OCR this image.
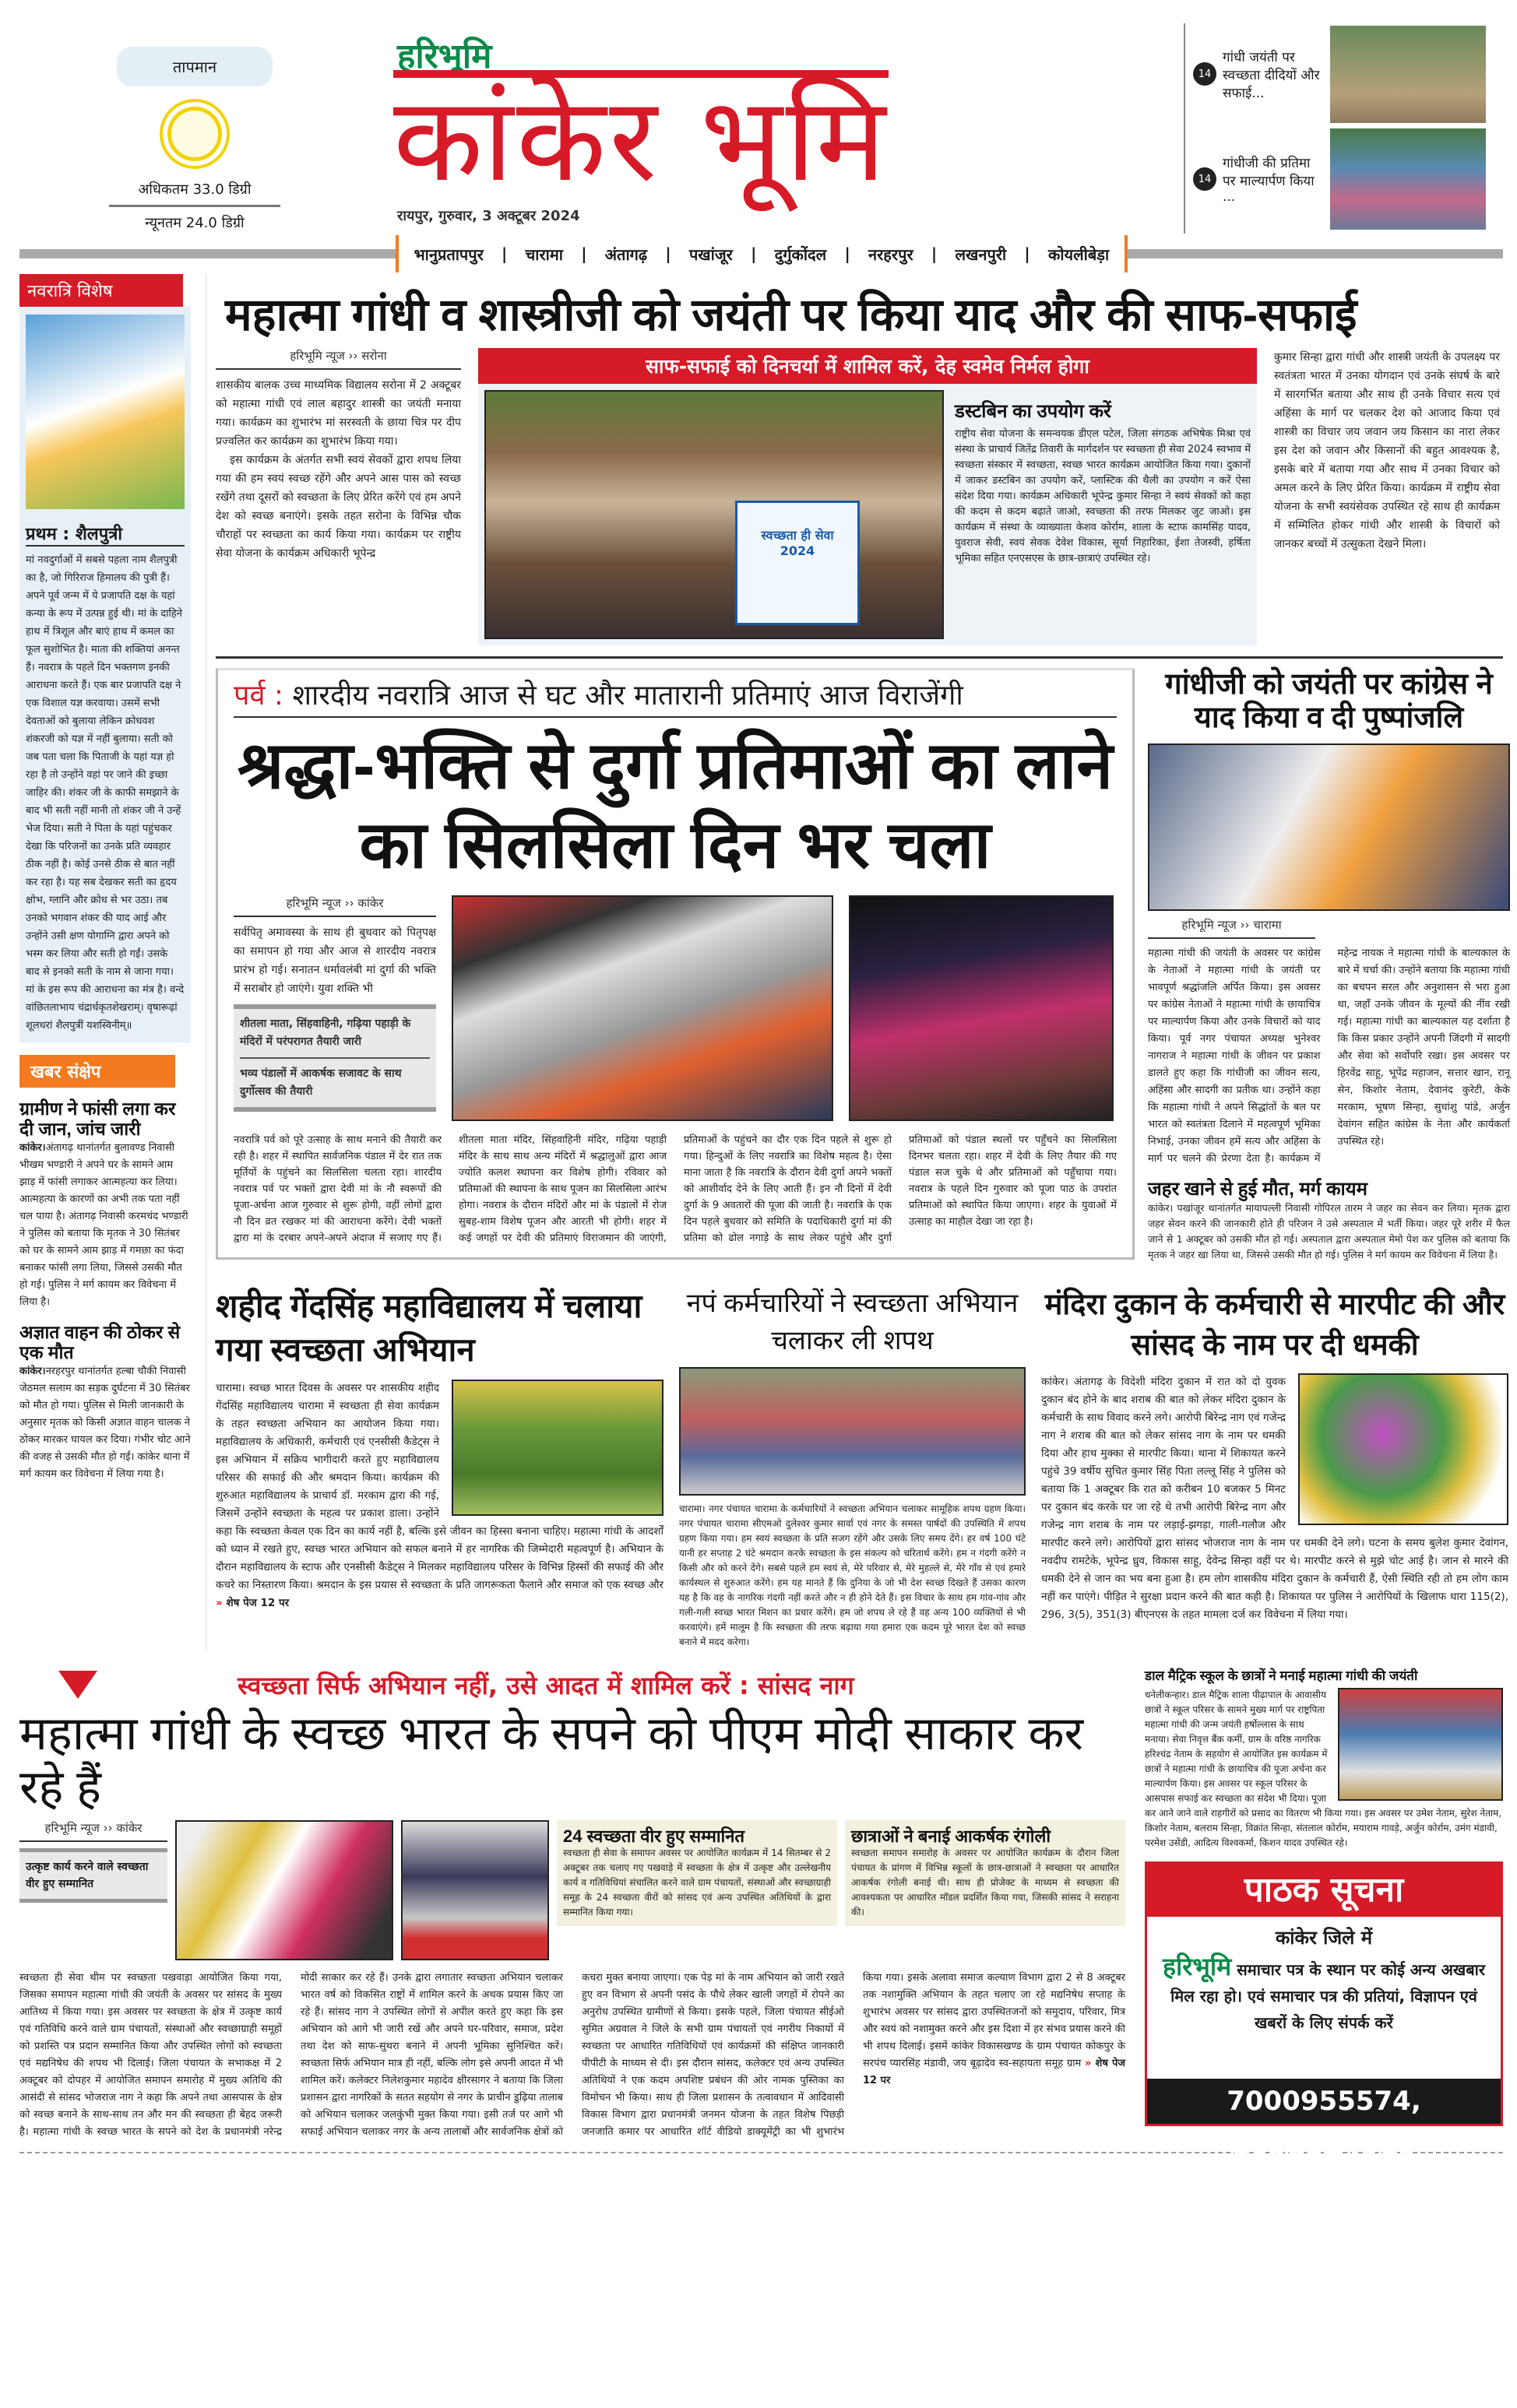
तापमान
अधिकतम 33.0 डिग्री
न्यूनतम 24.0 डिग्री
हरिभूमि
कांकेर भूमि
रायपुर, गुरुवार, 3 अक्टूबर 2024
14
गांधी जयंती पर स्वच्छता दीदियों और सफाई...
14
गांधीजी की प्रतिमा पर माल्यार्पण किया ...
भानुप्रतापपुर | चारामा | अंतागढ़ | पखांजूर | दुर्गुकोंदल | नरहरपुर | लखनपुरी | कोयलीबेड़ा
नवरात्रि विशेष
प्रथम : शैलपुत्री
मां नवदुर्गाओं में सबसे पहला नाम शैलपुत्री का है, जो गिरिराज हिमालय की पुत्री हैं। अपने पूर्व जन्म में ये प्रजापति दक्ष के यहां कन्या के रूप में उत्पन्न हुई थी। मां के दाहिने हाथ में त्रिशूल और बाएं हाथ में कमल का फूल सुशोभित है। माता की शक्तियां अनन्त हैं। नवरात्र के पहले दिन भक्तगण इनकी आराधना करते हैं। एक बार प्रजापति दक्ष ने एक विशाल यज्ञ करवाया। उसमें सभी देवताओं को बुलाया लेकिन क्रोधवश शंकरजी को यज्ञ में नहीं बुलाया। सती को जब पता चला कि पिताजी के यहां यज्ञ हो रहा है तो उन्होंने वहां पर जाने की इच्छा जाहिर की। शंकर जी के काफी समझाने के बाद भी सती नहीं मानी तो शंकर जी ने उन्हें भेज दिया। सती ने पिता के यहां पहुंचकर देखा कि परिजनों का उनके प्रति व्यवहार ठीक नहीं है। कोई उनसे ठीक से बात नहीं कर रहा है। यह सब देखकर सती का हृदय क्षोभ, ग्लानि और क्रोध से भर उठा। तब उनको भगवान शंकर की याद आई और उन्होंने उसी क्षण योगाग्नि द्वारा अपने को भस्म कर लिया और सती हो गईं। उसके बाद से इनको सती के नाम से जाना गया। मां के इस रूप की आराधना का मंत्र है। वन्दे वांछितलाभाय चंद्रार्धकृतशेखराम्। वृषारूढ़ां शूलधरां शैलपुत्रीं यशस्विनीम्॥
खबर संक्षेप
ग्रामीण ने फांसी लगा कर दी जान, जांच जारी
कांकेर।अंतागढ़ थानांतर्गत बुलावण्ड निवासी भीखम भण्डारी ने अपने घर के सामने आम झाड़ में फांसी लगाकर आत्महत्या कर लिया। आत्महत्या के कारणों का अभी तक पता नहीं चल पाया है। अंतागढ़ निवासी करमचंद भण्डारी ने पुलिस को बताया कि मृतक ने 30 सितंबर को घर के सामने आम झाड़ में गमछा का फंदा बनाकर फांसी लगा लिया, जिससे उसकी मौत हो गई। पुलिस ने मर्ग कायम कर विवेचना में लिया है।
अज्ञात वाहन की ठोकर से एक मौत
कांकेर।नरहरपुर थानांतर्गत हल्बा चौकी निवासी जेठमल सलाम का सड़क दुर्घटना में 30 सितंबर को मौत हो गया। पुलिस से मिली जानकारी के अनुसार मृतक को किसी अज्ञात वाहन चालक ने ठोकर मारकर घायल कर दिया। गंभीर चोट आने की वजह से उसकी मौत हो गई। कांकेर थाना में मर्ग कायम कर विवेचना में लिया गया है।
महात्मा गांधी व शास्त्रीजी को जयंती पर किया याद और की साफ-सफाई
हरिभूमि न्यूज ›› सरोना

शासकीय बालक उच्च माध्यमिक विद्यालय सरोना में 2 अक्टूबर को महात्मा गांधी एवं लाल बहादुर शास्त्री का जयंती मनाया गया। कार्यक्रम का शुभारंभ मां सरस्वती के छाया चित्र पर दीप प्रज्वलित कर कार्यक्रम का शुभारंभ किया गया।

इस कार्यक्रम के अंतर्गत सभी स्वयं सेवकों द्वारा शपथ लिया गया की हम स्वयं स्वच्छ रहेंगे और अपने आस पास को स्वच्छ रखेंगे तथा दूसरों को स्वच्छता के लिए प्रेरित करेंगे एवं हम अपने देश को स्वच्छ बनाएंगे। इसके तहत सरोना के विभिन्न चौक चौराहों पर स्वच्छता का कार्य किया गया। कार्यक्रम पर राष्ट्रीय सेवा योजना के कार्यक्रम अधिकारी भूपेन्द्र

साफ-सफाई को दिनचर्या में शामिल करें, देह स्वमेव निर्मल होगा
स्वच्छता ही सेवा 2024
डस्टबिन का उपयोग करें
राष्ट्रीय सेवा योजना के समन्वयक डीएल पटेल, जिला संगठक अभिषेक मिश्रा एवं संस्था के प्राचार्य जितेंद्र तिवारी के मार्गदर्शन पर स्वच्छता ही सेवा 2024 स्वभाव में स्वच्छता संस्कार में स्वच्छता, स्वच्छ भारत कार्यक्रम आयोजित किया गया। दुकानों में जाकर डस्टबिन का उपयोग करें, प्लास्टिक की थैली का उपयोग न करें ऐसा संदेश दिया गया। कार्यक्रम अधिकारी भूपेन्द्र कुमार सिन्हा ने स्वयं सेवकों को कहा की कदम से कदम बढ़ाते जाओ, स्वच्छता की तरफ मिलकर जुट जाओ। इस कार्यक्रम में संस्था के व्याख्याता केशव कोर्राम, शाला के स्टाफ कामसिंह यादव, युवराज सेवी, स्वयं सेवक देवेश विकास, सूर्या निहारिका, ईशा तेजस्वी, हर्षिता भूमिका सहित एनएसएस के छात्र-छात्राएं उपस्थित रहे।
कुमार सिन्हा द्वारा गांधी और शास्त्री जयंती के उपलक्ष्य पर स्वतंत्रता भारत में उनका योगदान एवं उनके संघर्ष के बारे में सारगर्भित बताया और साथ ही उनके विचार सत्य एवं अहिंसा के मार्ग पर चलकर देश को आजाद किया एवं शास्त्री का विचार जय जवान जय किसान का नारा लेकर इस देश को जवान और किसानों की बहुत आवश्यक है, इसके बारे में बताया गया और साथ में उनका विचार को अमल करने के लिए प्रेरित किया। कार्यक्रम में राष्ट्रीय सेवा योजना के सभी स्वयंसेवक उपस्थित रहे साथ ही कार्यक्रम में सम्मिलित होकर गांधी और शास्त्री के विचारों को जानकर बच्चों में उत्सुकता देखने मिला।
पर्व : शारदीय नवरात्रि आज से घट और मातारानी प्रतिमाएं आज विराजेंगी
श्रद्धा-भक्ति से दुर्गा प्रतिमाओं का लाने का सिलसिला दिन भर चला
हरिभूमि न्यूज ›› कांकेर
सर्वपितृ अमावस्या के साथ ही बुधवार को पितृपक्ष का समापन हो गया और आज से शारदीय नवरात्र प्रारंभ हो गई। सनातन धर्मावलंबी मां दुर्गा की भक्ति में सराबोर हो जाएंगे। युवा शक्ति भी

शीतला माता, सिंहवाहिनी, गढ़िया पहाड़ी के मंदिरों में परंपरागत तैयारी जारी

भव्य पंडालों में आकर्षक सजावट के साथ दुर्गोत्सव की तैयारी

नवरात्रि पर्व को पूरे उत्साह के साथ मनाने की तैयारी कर रही है। शहर में स्थापित सार्वजनिक पंडाल में देर रात तक मूर्तियों के पहुंचने का सिलसिला चलता रहा। शारदीय नवरात्र पर्व पर भक्तों द्वारा देवी मां के नौ स्वरूपों की पूजा-अर्चना आज गुरुवार से शुरू होगी, वहीं लोगों द्वारा नौ दिन व्रत रखकर मां की आराधना करेंगे। देवी भक्तों द्वारा मां के दरबार अपने-अपने अंदाज में सजाए गए हैं। शीतला माता मंदिर, सिंहवाहिनी मंदिर, गढ़िया पहाड़ी मंदिर के साथ साथ अन्य मंदिरों में श्रद्धालुओं द्वारा आज ज्योति कलश स्थापना कर विशेष होगी। रविवार को प्रतिमाओं की स्थापना के साथ पूजन का सिलसिला आरंभ होगा। नवरात्र के दौरान मंदिरों और मां के पंडालों में रोज सुबह-शाम विशेष पूजन और आरती भी होगी। शहर में कई जगहों पर देवी की प्रतिमाएं विराजमान की जाएंगी, प्रतिमाओं के पहुंचने का दौर एक दिन पहले से शुरू हो गया। हिन्दुओं के लिए नवरात्रि का विशेष महत्व है। ऐसा माना जाता है कि नवरात्रि के दौरान देवी दुर्गा अपने भक्तों को आशीर्वाद देने के लिए आती हैं। इन नौ दिनों में देवी दुर्गा के 9 अवतारों की पूजा की जाती है। नवरात्रि के एक दिन पहले बुधवार को समिति के पदाधिकारी दुर्गा मां की प्रतिमा को ढोल नगाड़े के साथ लेकर पहुंचे और दुर्गा प्रतिमाओं को पंडाल स्थलों पर पहुँचने का सिलसिला दिनभर चलता रहा। शहर में देवी के लिए तैयार की गए पंडाल सज चुके थे और प्रतिमाओं को पहुँचाया गया। नवरात्र के पहले दिन गुरुवार को पूजा पाठ के उपरांत प्रतिमाओं को स्थापित किया जाएगा। शहर के युवाओं में उत्साह का माहौल देखा जा रहा है।
गांधीजी को जयंती पर कांग्रेस ने याद किया व दी पुष्पांजलि
हरिभूमि न्यूज ›› चारामा
महात्मा गांधी की जयंती के अवसर पर कांग्रेस के नेताओं ने महात्मा गांधी के जयंती पर भावपूर्ण श्रद्धांजलि अर्पित किया। इस अवसर पर कांग्रेस नेताओं ने महात्मा गांधी के छायाचित्र पर माल्यार्पण किया और उनके विचारों को याद किया। पूर्व नगर पंचायत अध्यक्ष भुनेश्वर नागराज ने महात्मा गांधी के जीवन पर प्रकाश डालते हुए कहा कि गांधीजी का जीवन सत्य, अहिंसा और सादगी का प्रतीक था। उन्होंने कहा कि महात्मा गांधी ने अपने सिद्धांतों के बल पर भारत को स्वतंत्रता दिलाने में महत्वपूर्ण भूमिका निभाई, उनका जीवन हमें सत्य और अहिंसा के मार्ग पर चलने की प्रेरणा देता है। कार्यक्रम में महेन्द्र नायक ने महात्मा गांधी के बाल्यकाल के बारे में चर्चा की। उन्होंने बताया कि महात्मा गांधी का बचपन सरल और अनुशासन से भरा हुआ था, जहाँ उनके जीवन के मूल्यों की नींव रखी गई। महात्मा गांधी का बाल्यकाल यह दर्शाता है कि किस प्रकार उन्होंने अपनी जिंदगी में सादगी और सेवा को सर्वोपरि रखा। इस अवसर पर हिरवेंद्र साहू, भूपेंद्र महाजन, सत्तार खान, रानू सेन, किशोर नेताम, देवानंद कुरेटी, केके मरकाम, भूषण सिन्हा, सुधांशु पांडे, अर्जुन देवांगन सहित कांग्रेस के नेता और कार्यकर्ता उपस्थित रहे।
जहर खाने से हुई मौत, मर्ग कायम
कांकेर। पखांजूर थानांतर्गत मायापल्ली निवासी गोपिरल तारम ने जहर का सेवन कर लिया। मृतक द्वारा जहर सेवन करने की जानकारी होते ही परिजन ने उसे अस्पताल में भर्ती किया। जहर पूरे शरीर में फैल जाने से 1 अक्टूबर को उसकी मौत हो गई। अस्पताल द्वारा अस्पताल मेमो पेश कर पुलिस को बताया कि मृतक ने जहर खा लिया था, जिससे उसकी मौत हो गई। पुलिस ने मर्ग कायम कर विवेचना में लिया है।
शहीद गेंदसिंह महाविद्यालय में चलाया गया स्वच्छता अभियान
चारामा। स्वच्छ भारत दिवस के अवसर पर शासकीय शहीद गेंदसिंह महाविद्यालय चारामा में स्वच्छता ही सेवा कार्यक्रम के तहत स्वच्छता अभियान का आयोजन किया गया। महाविद्यालय के अधिकारी, कर्मचारी एवं एनसीसी कैडेट्स ने इस अभियान में सक्रिय भागीदारी करते हुए महाविद्यालय परिसर की सफाई की और श्रमदान किया। कार्यक्रम की शुरुआत महाविद्यालय के प्राचार्य डॉ. मरकाम द्वारा की गई, जिसमें उन्होंने स्वच्छता के महत्व पर प्रकाश डाला। उन्होंने कहा कि स्वच्छता केवल एक दिन का कार्य नहीं है, बल्कि इसे जीवन का हिस्सा बनाना चाहिए। महात्मा गांधी के आदर्शों को ध्यान में रखते हुए, स्वच्छ भारत अभियान को सफल बनाने में हर नागरिक की जिम्मेदारी महत्वपूर्ण है। अभियान के दौरान महाविद्यालय के स्टाफ और एनसीसी कैडेट्स ने मिलकर महाविद्यालय परिसर के विभिन्न हिस्सों की सफाई की और कचरे का निस्तारण किया। श्रमदान के इस प्रयास से स्वच्छता के प्रति जागरूकता फैलाने और समाज को एक स्वच्छ और » शेष पेज 12 पर
नपं कर्मचारियों ने स्वच्छता अभियान चलाकर ली शपथ
चारामा। नगर पंचायत चारामा के कर्मचारियों ने स्वच्छता अभियान चलाकर सामूहिक शपथ ग्रहण किया। नगर पंचायत चारामा सीएमओ दुलेश्वर कुमार सार्वा एवं नगर के समस्त पार्षदों की उपस्थिति में शपथ ग्रहण किया गया। हम स्वयं स्वच्छता के प्रति सजग रहेंगे और उसके लिए समय देंगे। हर वर्ष 100 घंटे यानी हर सप्ताह 2 घंटे श्रमदान करके स्वच्छता के इस संकल्प को चरितार्थ करेंगे। हम न गंदगी करेंगे न किसी और को करने देंगे। सबसे पहले हम स्वयं से, मेरे परिवार से, मेरे मुहल्ले से, मेरे गाँव से एवं हमारे कार्यस्थल से शुरुआत करेंगे। हम यह मानते हैं कि दुनिया के जो भी देश स्वच्छ दिखते हैं उसका कारण यह है कि वह के नागरिक गंदगी नहीं करते और न ही होने देते हैं। इस विचार के साथ हम गांव-गांव और गली-गली स्वच्छ भारत मिशन का प्रचार करेंगे। हम जो शपथ ले रहे हैं वह अन्य 100 व्यक्तियों से भी करवाएंगे। हमें मालूम है कि स्वच्छता की तरफ बढ़ाया गया हमारा एक कदम पूरे भारत देश को स्वच्छ बनाने में मदद करेगा।
मंदिरा दुकान के कर्मचारी से मारपीट की और सांसद के नाम पर दी धमकी
कांकेर। अंतागढ़ के विदेशी मंदिरा दुकान में रात को दो युवक दुकान बंद होने के बाद शराब की बात को लेकर मंदिरा दुकान के कर्मचारी के साथ विवाद करने लगे। आरोपी बिरेन्द्र नाग एवं गजेन्द्र नाग ने शराब की बात को लेकर सांसद नाग के नाम पर धमकी दिया और हाथ मुक्का से मारपीट किया। थाना में शिकायत करने पहुंचे 39 वर्षीय सुचित कुमार सिंह पिता लल्लू सिंह ने पुलिस को बताया कि 1 अक्टूबर कि रात को करीबन 10 बजकर 5 मिनट पर दुकान बंद करके घर जा रहे थे तभी आरोपी बिरेन्द्र नाग और गजेन्द्र नाग शराब के नाम पर लड़ाई-झगड़ा, गाली-गलौज और मारपीट करने लगे। आरोपियों द्वारा सांसद भोजराज नाग के नाम पर धमकी देने लगे। घटना के समय बुलेश कुमार देवांगन, नवदीप रामटेके, भूपेन्द्र ध्रुव, विकास साहू, देवेन्द्र सिन्हा वहीं पर थे। मारपीट करने से मुझे चोट आई है। जान से मारने की धमकी देने से जान का भय बना हुआ है। हम लोग शासकीय मंदिरा दुकान के कर्मचारी हैं, ऐसी स्थिति रही तो हम लोग काम नहीं कर पाएंगे। पीड़ित ने सुरक्षा प्रदान करने की बात कही है। शिकायत पर पुलिस ने आरोपियों के खिलाफ धारा 115(2), 296, 3(5), 351(3) बीएनएस के तहत मामला दर्ज कर विवेचना में लिया गया।
स्वच्छता सिर्फ अभियान नहीं, उसे आदत में शामिल करें : सांसद नाग
महात्मा गांधी के स्वच्छ भारत के सपने को पीएम मोदी साकार कर रहे हैं
हरिभूमि न्यूज ›› कांकेर
उत्कृष्ट कार्य करने वाले स्वच्छता वीर हुए सम्मानित
24 स्वच्छता वीर हुए सम्मानित
स्वच्छता ही सेवा के समापन अवसर पर आयोजित कार्यक्रम में 14 सितम्बर से 2 अक्टूबर तक चलाए गए पखवाड़े में स्वच्छता के क्षेत्र में उत्कृष्ट और उल्लेखनीय कार्य व गतिविधियां संचालित करने वाले ग्राम पंचायतों, संस्थाओं और स्वच्छाग्राही समूह के 24 स्वच्छता वीरों को सांसद एवं अन्य उपस्थित अतिथियों के द्वारा सम्मानित किया गया।
छात्राओं ने बनाई आकर्षक रंगोली
स्वच्छता समापन समारोह के अवसर पर आयोजित कार्यक्रम के दौरान जिला पंचायत के प्रांगण में विभिन्न स्कूलों के छात्र-छात्राओं ने स्वच्छता पर आधारित आकर्षक रंगोली बनाई थी। साथ ही प्रोजेक्ट के माध्यम से स्वच्छता की आवश्यकता पर आधारित मॉडल प्रदर्शित किया गया, जिसकी सांसद ने सराहना की।
स्वच्छता ही सेवा थीम पर स्वच्छता पखवाड़ा आयोजित किया गया, जिसका समापन महात्मा गांधी की जयंती के अवसर पर सांसद के मुख्य आतिथ्य में किया गया। इस अवसर पर स्वच्छता के क्षेत्र में उत्कृष्ट कार्य एवं गतिविधि करने वाले ग्राम पंचायतों, संस्थाओं और स्वच्छाग्राही समूहों को प्रशस्ति पत्र प्रदान सम्मानित किया और उपस्थित लोगों को स्वच्छता एवं मद्यनिषेध की शपथ भी दिलाई। जिला पंचायत के सभाकक्ष में 2 अक्टूबर को दोपहर में आयोजित समापन समारोह में मुख्य अतिथि की आसंदी से सांसद भोजराज नाग ने कहा कि अपने तथा आसपास के क्षेत्र को स्वच्छ बनाने के साथ-साथ तन और मन की स्वच्छता ही बेहद जरूरी है। महात्मा गांधी के स्वच्छ भारत के सपने को देश के प्रधानमंत्री नरेन्द्र मोदी साकार कर रहे हैं। उनके द्वारा लगातार स्वच्छता अभियान चलाकर भारत वर्ष को विकसित राष्ट्रों में शामिल करने के अथक प्रयास किए जा रहे हैं। सांसद नाग ने उपस्थित लोगों से अपील करते हुए कहा कि इस अभियान को आगे भी जारी रखें और अपने घर-परिवार, समाज, प्रदेश तथा देश को साफ-सुथरा बनाने में अपनी भूमिका सुनिश्चित करें। स्वच्छता सिर्फ अभियान मात्र ही नहीं, बल्कि लोग इसे अपनी आदत में भी शामिल करें। कलेक्टर निलेशकुमार महादेव क्षीरसागर ने बताया कि जिला प्रशासन द्वारा नागरिकों के सतत सहयोग से नगर के प्राचीन डुढ़िया तालाब को अभियान चलाकर जलकुंभी मुक्त किया गया। इसी तर्ज पर आगे भी सफाई अभियान चलाकर नगर के अन्य तालाबों और सार्वजनिक क्षेत्रों को कचरा मुक्त बनाया जाएगा। एक पेड़ मां के नाम अभियान को जारी रखते हुए वन विभाग से अपनी पसंद के पौधे लेकर खाली जगहों में रोपने का अनुरोध उपस्थित ग्रामीणों से किया। इसके पहले, जिला पंचायत सीईओ सुमित अग्रवाल ने जिले के सभी ग्राम पंचायतों एवं नगरीय निकायों में स्वच्छता पर आधारित गतिविधियों एवं कार्यक्रमों की संक्षिप्त जानकारी पीपीटी के माध्यम से दी। इस दौरान सांसद, कलेक्टर एवं अन्य उपस्थित अतिथियों ने एक कदम अपशिष्ट प्रबंधन की ओर नामक पुस्तिका का विमोचन भी किया। साथ ही जिला प्रशासन के तत्वावधान में आदिवासी विकास विभाग द्वारा प्रधानमंत्री जनमन योजना के तहत विशेष पिछड़ी जनजाति कमार पर आधारित शॉर्ट वीडियो डाक्यूमेंट्री का भी शुभारंभ किया गया। इसके अलावा समाज कल्याण विभाग द्वारा 2 से 8 अक्टूबर तक नशामुक्ति अभियान के तहत चलाए जा रहे मद्यनिषेध सप्ताह के शुभारंभ अवसर पर सांसद द्वारा उपस्थितजनों को समुदाय, परिवार, मित्र और स्वयं को नशामुक्त करने और इस दिशा में हर संभव प्रयास करने की भी शपथ दिलाई। इसमें कांकेर विकासखण्ड के ग्राम पंचायत कोकपुर के सरपंच प्यारसिंह मंडावी, जय बूढ़ादेव स्व-सहायता समूह ग्राम » शेष पेज 12 पर
डाल मैट्रिक स्कूल के छात्रों ने मनाई महात्मा गांधी की जयंती
धनेलीकन्हार। डाल मैट्रिक शाला पीढ़ापाल के आवासीय छात्रों ने स्कूल परिसर के सामने मुख्य मार्ग पर राष्ट्रपिता महात्मा गांधी की जन्म जयंती हर्षोल्लास के साथ मनाया। सेवा निवृत्त बैंक कर्मी, ग्राम के वरिष्ठ नागरिक हरिश्चंद्र नेताम के सहयोग से आयोजित इस कार्यक्रम में छात्रों ने महात्मा गांधी के छायाचित्र की पूजा अर्चना कर माल्यार्पण किया। इस अवसर पर स्कूल परिसर के आसपास सफाई कर स्वच्छता का संदेश भी दिया। पूजा कर आने जाने वाले राहगीरों को प्रसाद का वितरण भी किया गया। इस अवसर पर उमेश नेताम, सुरेश नेताम, किशोर नेताम, बलराम सिन्हा, विक्रांत सिन्हा, संतलाल कोर्राम, मयाराम गावड़े, अर्जुन कोर्राम, उमंग मंडावी, परमेश उसेंडी, आदित्य विश्वकर्मा, किशन यादव उपस्थित रहे।
पाठक सूचना
कांकेर जिले में
हरिभूमि समाचार पत्र के स्थान पर कोई अन्य अखबार मिल रहा हो। एवं समाचार पत्र की प्रतियां, विज्ञापन एवं खबरों के लिए संपर्क करें
7000955574, 9098324969
